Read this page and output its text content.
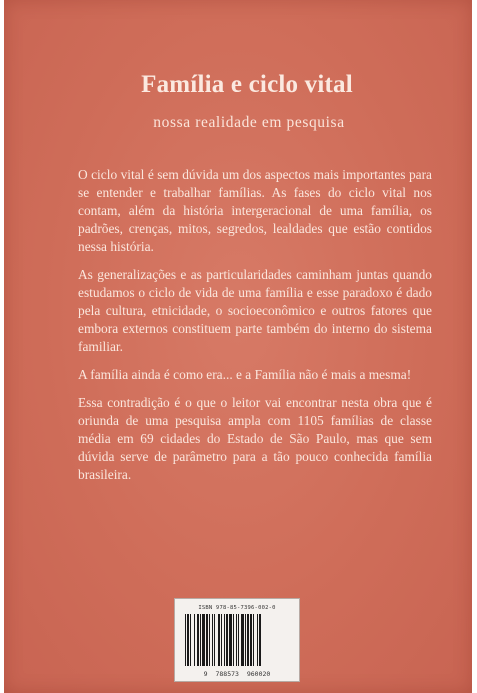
Família e ciclo vital
nossa realidade em pesquisa

O ciclo vital é sem dúvida um dos aspectos mais importantes para se entender e trabalhar famílias. As fases do ciclo vital nos contam, além da história intergeracional de uma família, os padrões, crenças, mitos, segredos, lealdades que estão contidos nessa história.

As generalizações e as particularidades caminham juntas quando estudamos o ciclo de vida de uma família e esse paradoxo é dado pela cultura, etnicidade, o socioeconômico e outros fatores que embora externos constituem parte também do interno do sistema familiar.

A família ainda é como era... e a Família não é mais a mesma!

Essa contradição é o que o leitor vai encontrar nesta obra que é oriunda de uma pesquisa ampla com 1105 famílias de classe média em 69 cidades do Estado de São Paulo, mas que sem dúvida serve de parâmetro para a tão pouco conhecida família brasileira.

ISBN 978-85-7396-002-0
9 788573 960020
